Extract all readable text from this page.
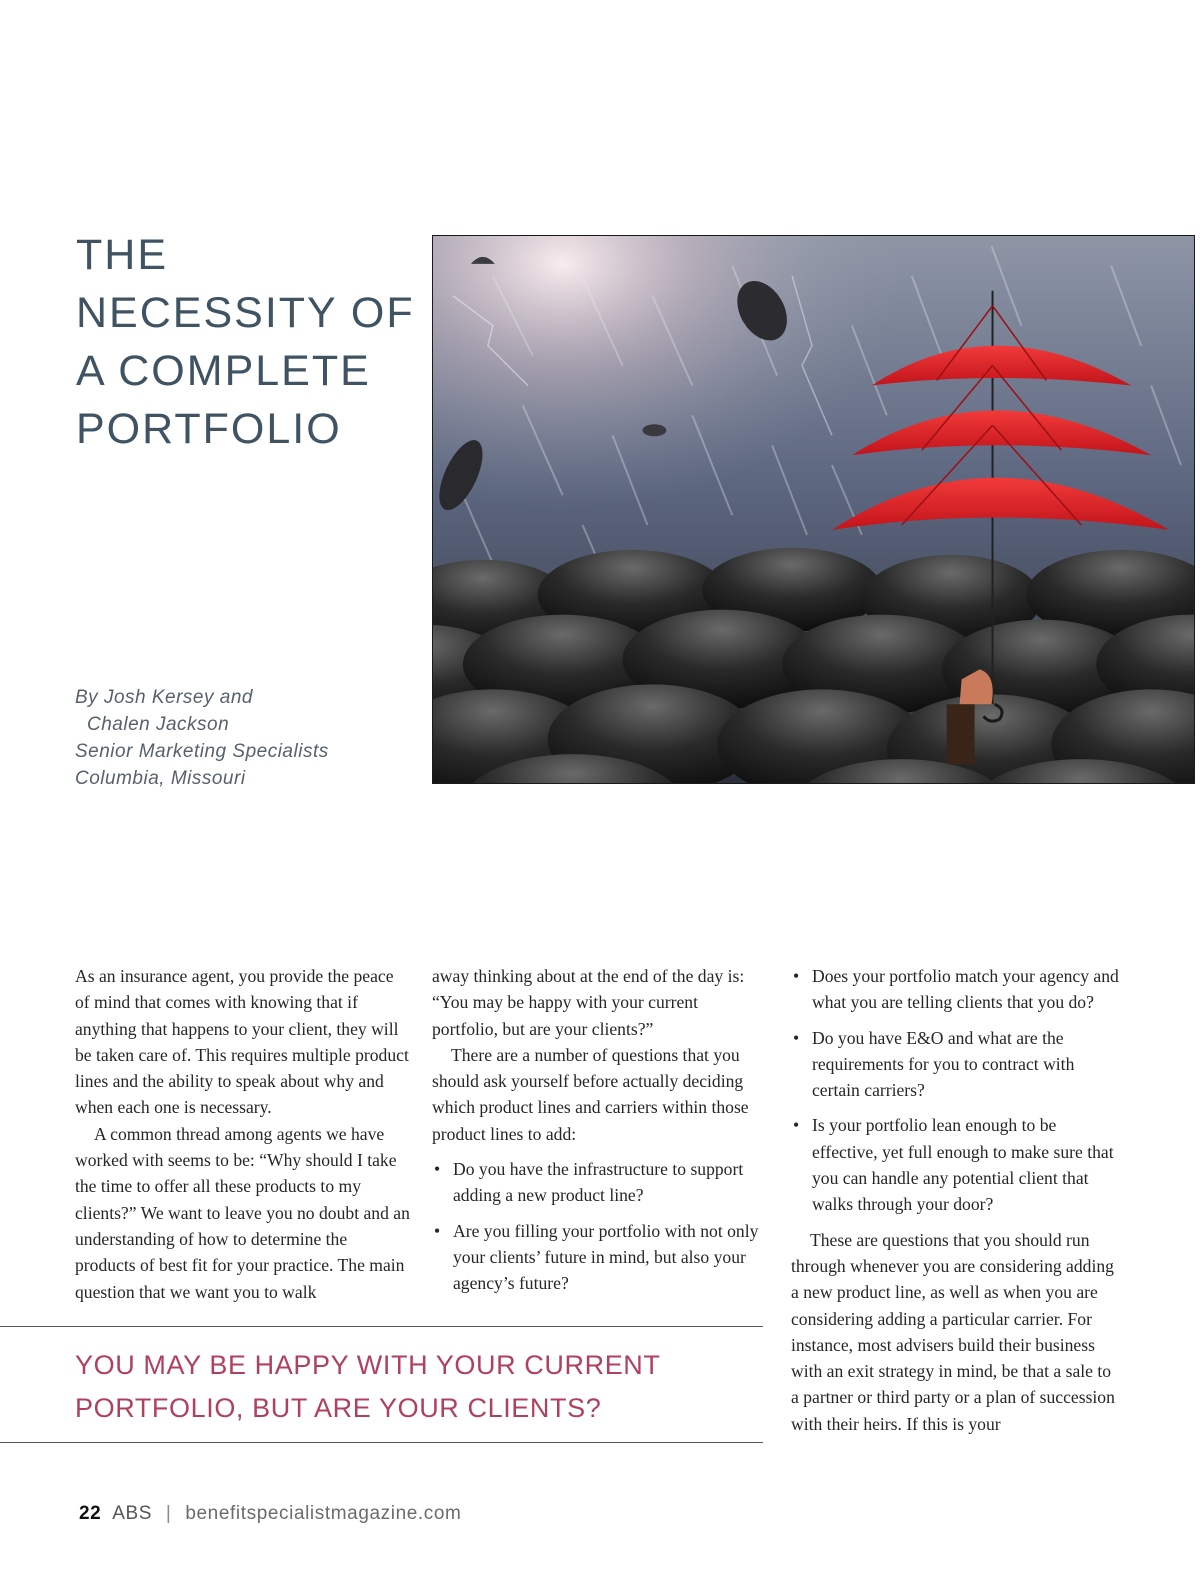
THE
NECESSITY OF
A COMPLETE
PORTFOLIO
By Josh Kersey and
Chalen Jackson
Senior Marketing Specialists
Columbia, Missouri

As an insurance agent, you provide the peace of mind that comes with knowing that if anything that happens to your client, they will be taken care of. This requires multiple product lines and the ability to speak about why and when each one is necessary.

A common thread among agents we have worked with seems to be: “Why should I take the time to offer all these products to my clients?” We want to leave you no doubt and an understanding of how to determine the products of best fit for your practice. The main question that we want you to walk

away thinking about at the end of the day is: “You may be happy with your current portfolio, but are your clients?”

There are a number of questions that you should ask yourself before actually deciding which product lines and carriers within those product lines to add:

• Do you have the infrastructure to support adding a new product line?
• Are you filling your portfolio with not only your clients’ future in mind, but also your agency’s future?
• Does your portfolio match your agency and what you are telling clients that you do?
• Do you have E&O and what are the requirements for you to contract with certain carriers?
• Is your portfolio lean enough to be effective, yet full enough to make sure that you can handle any potential client that walks through your door?

These are questions that you should run through whenever you are considering adding a new product line, as well as when you are considering adding a particular carrier. For instance, most advisers build their business with an exit strategy in mind, be that a sale to a partner or third party or a plan of succession with their heirs. If this is your

YOU MAY BE HAPPY WITH YOUR CURRENT
PORTFOLIO, BUT ARE YOUR CLIENTS?
22 ABS | benefitspecialistmagazine.com
